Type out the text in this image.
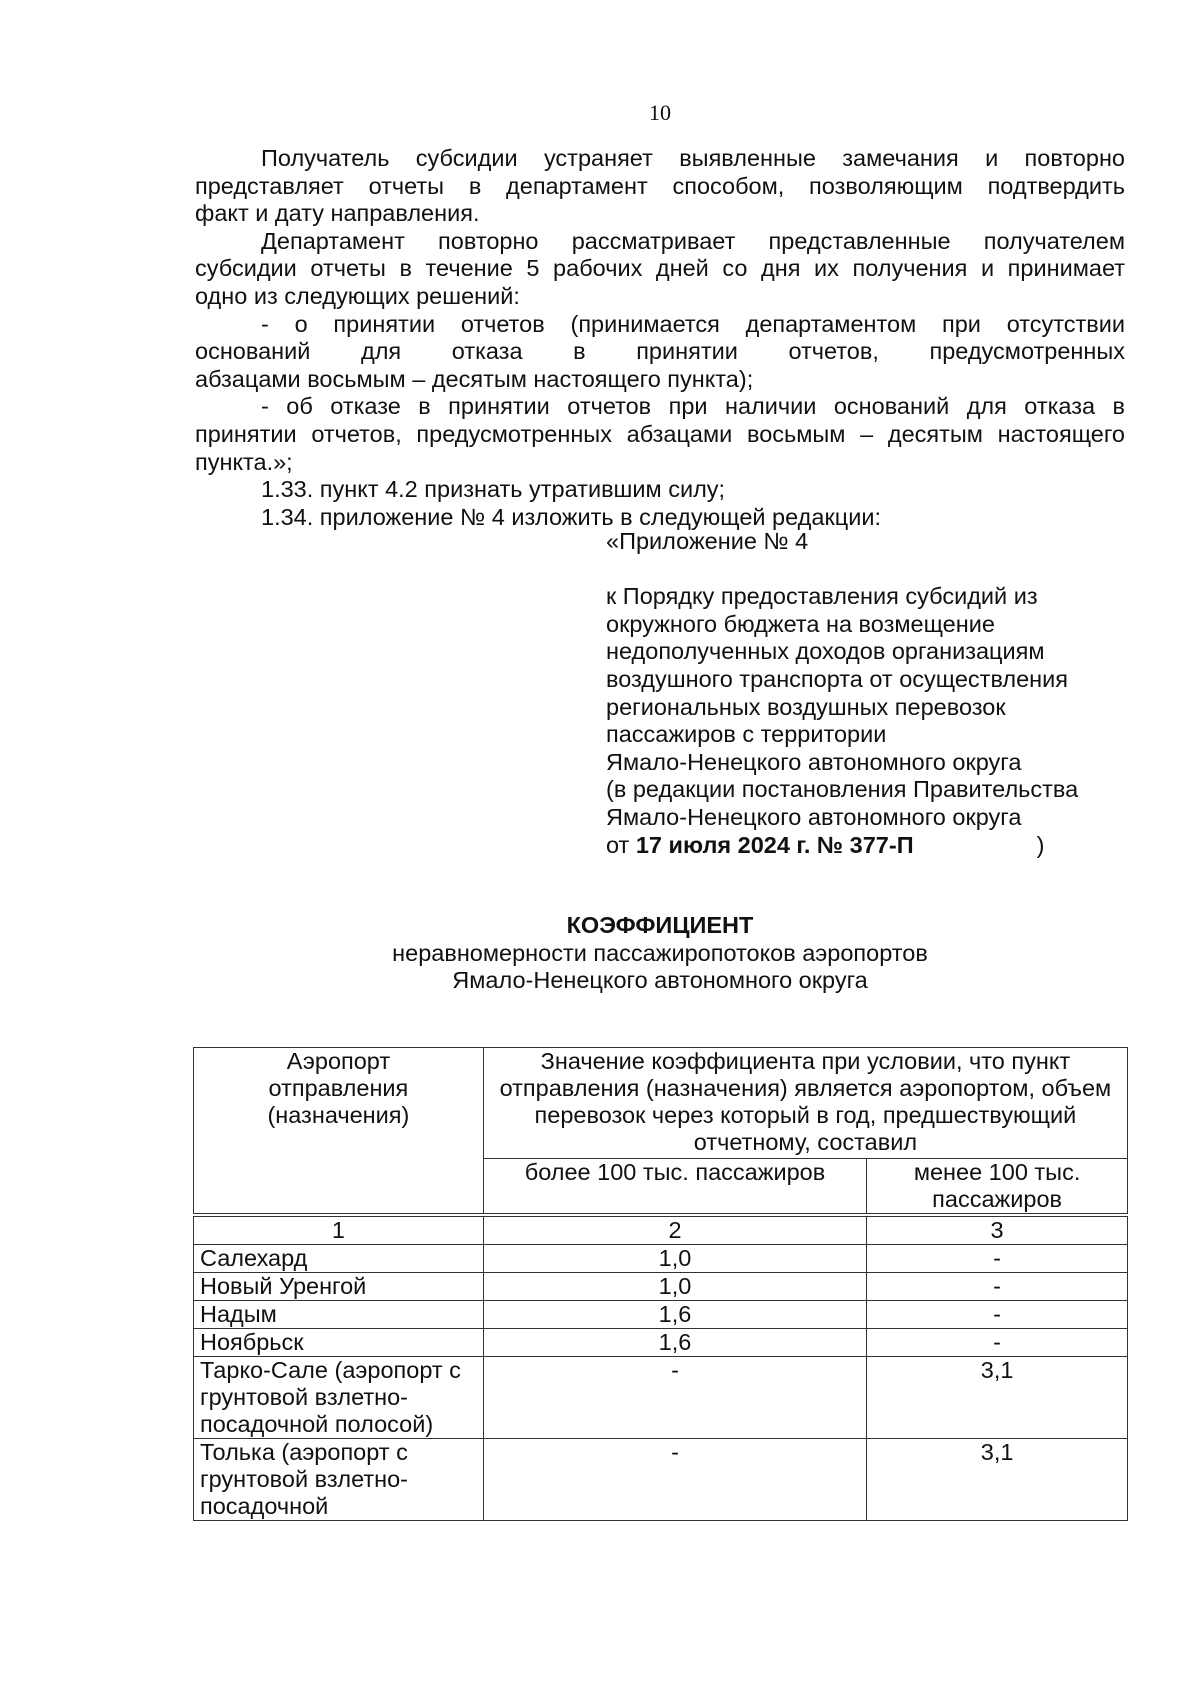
10
Получатель субсидии устраняет выявленные замечания и повторно
представляет отчеты в департамент способом, позволяющим подтвердить
факт и дату направления.
Департамент повторно рассматривает представленные получателем
субсидии отчеты в течение 5 рабочих дней со дня их получения и принимает
одно из следующих решений:
- о принятии отчетов (принимается департаментом при отсутствии
оснований для отказа в принятии отчетов, предусмотренных
абзацами восьмым – десятым настоящего пункта);
- об отказе в принятии отчетов при наличии оснований для отказа в
принятии отчетов, предусмотренных абзацами восьмым – десятым настоящего
пункта.»;
1.33. пункт 4.2 признать утратившим силу;
1.34. приложение № 4 изложить в следующей редакции:
«Приложение № 4
к Порядку предоставления субсидий из
окружного бюджета на возмещение
недополученных доходов организациям
воздушного транспорта от осуществления
региональных воздушных перевозок
пассажиров с территории
Ямало-Ненецкого автономного округа
(в редакции постановления Правительства
Ямало-Ненецкого автономного округа
от 17 июля 2024 г. № 377-П	)
КОЭФФИЦИЕНТ
неравномерности пассажиропотоков аэропортов
Ямало-Ненецкого автономного округа
Аэропорт отправления (назначения)	Значение коэффициента при условии, что пункт отправления (назначения) является аэропортом, объем перевозок через который в год, предшествующий отчетному, составил	
	более 100 тыс. пассажиров	менее 100 тыс. пассажиров
1	2	3
Салехард	1,0	-
Новый Уренгой	1,0	-
Надым	1,6	-
Ноябрьск	1,6	-
Тарко-Сале (аэропорт с грунтовой взлетно-посадочной полосой)	-	3,1
Толька (аэропорт с грунтовой взлетно-посадочной	-	3,1
